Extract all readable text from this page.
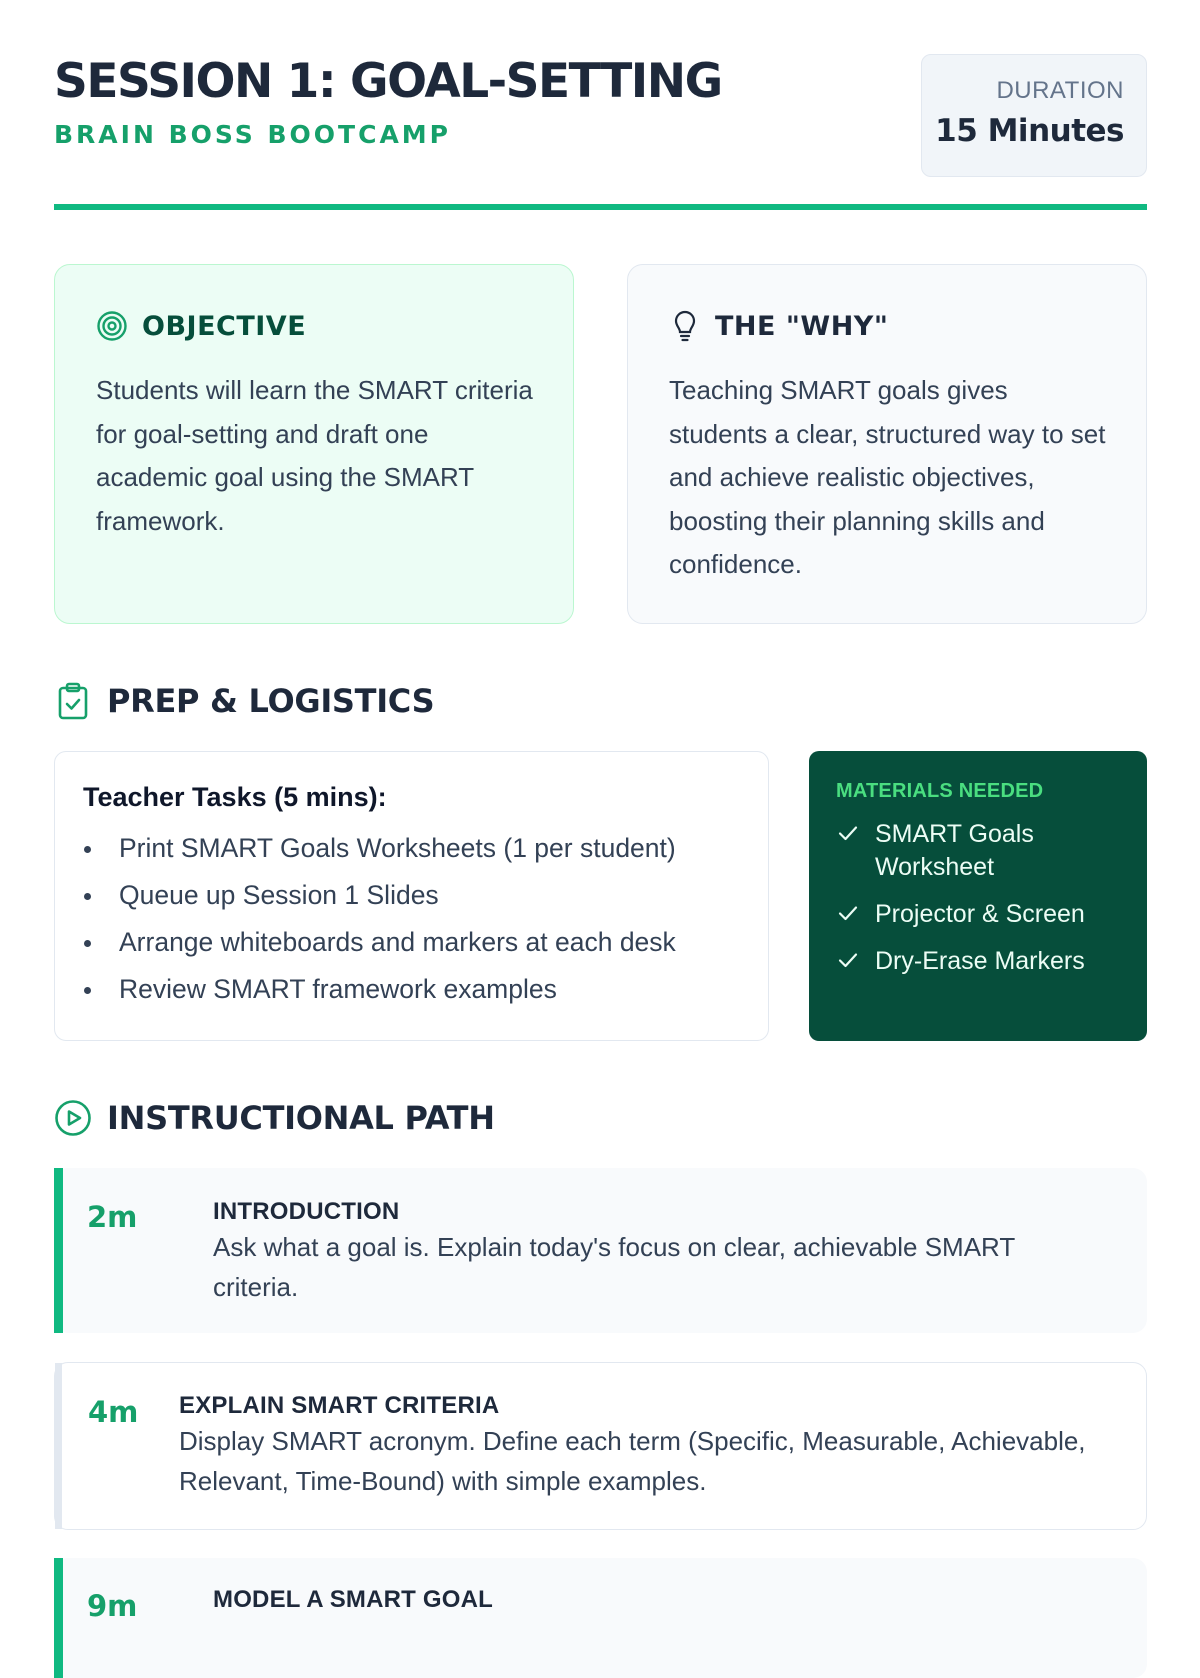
SESSION 1: GOAL-SETTING
BRAIN BOSS BOOTCAMP
DURATION
15 Minutes
OBJECTIVE

Students will learn the SMART criteria for goal-setting and draft one academic goal using the SMART framework.

THE "WHY"

Teaching SMART goals gives students a clear, structured way to set and achieve realistic objectives, boosting their planning skills and confidence.

PREP & LOGISTICS
Teacher Tasks (5 mins):
Print SMART Goals Worksheets (1 per student)
Queue up Session 1 Slides
Arrange whiteboards and markers at each desk
Review SMART framework examples
MATERIALS NEEDED
SMART Goals Worksheet
Projector & Screen
Dry-Erase Markers
INSTRUCTIONAL PATH
2m	INTRODUCTION
Ask what a goal is. Explain today's focus on clear, achievable SMART criteria.
4m EXPLAIN SMART CRITERIA
Display SMART acronym. Define each term (Specific, Measurable, Achievable, Relevant, Time-Bound) with simple examples.
9m	MODEL A SMART GOAL
